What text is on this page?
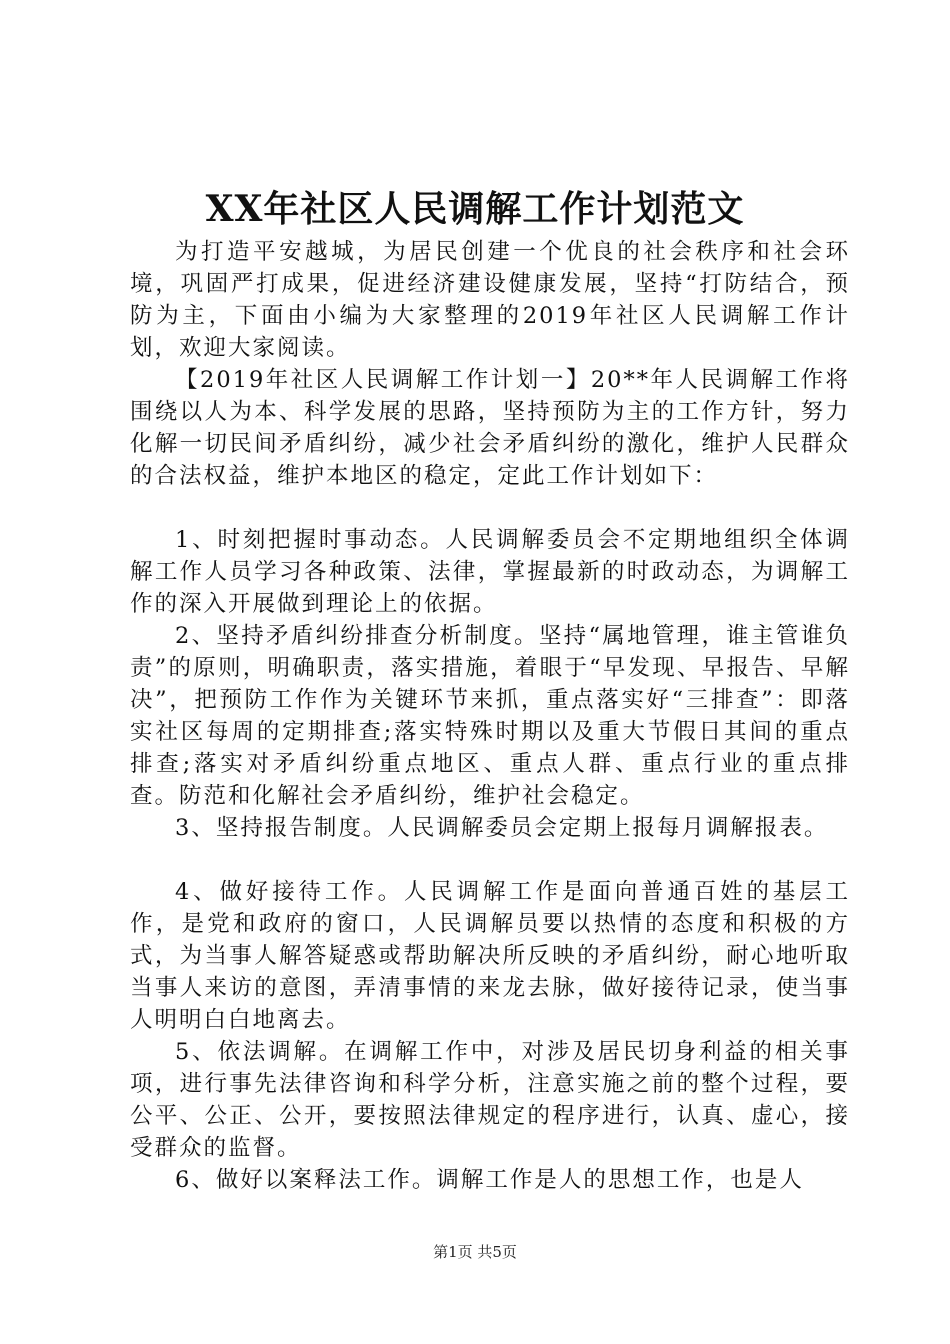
XX年社区人民调解工作计划范文

为打造平安越城，为居民创建一个优良的社会秩序和社会环境，巩固严打成果，促进经济建设健康发展，坚持“打防结合，预防为主，下面由小编为大家整理的2019年社区人民调解工作计划，欢迎大家阅读。

【2019年社区人民调解工作计划一】20**年人民调解工作将围绕以人为本、科学发展的思路，坚持预防为主的工作方针，努力化解一切民间矛盾纠纷，减少社会矛盾纠纷的激化，维护人民群众的合法权益，维护本地区的稳定，定此工作计划如下：

1、时刻把握时事动态。人民调解委员会不定期地组织全体调解工作人员学习各种政策、法律，掌握最新的时政动态，为调解工作的深入开展做到理论上的依据。

2、坚持矛盾纠纷排查分析制度。坚持“属地管理，谁主管谁负责”的原则，明确职责，落实措施，着眼于“早发现、早报告、早解决”，把预防工作作为关键环节来抓，重点落实好“三排查”：即落实社区每周的定期排查;落实特殊时期以及重大节假日其间的重点排查;落实对矛盾纠纷重点地区、重点人群、重点行业的重点排查。防范和化解社会矛盾纠纷，维护社会稳定。

3、坚持报告制度。人民调解委员会定期上报每月调解报表。

4、做好接待工作。人民调解工作是面向普通百姓的基层工作，是党和政府的窗口，人民调解员要以热情的态度和积极的方式，为当事人解答疑惑或帮助解决所反映的矛盾纠纷，耐心地听取当事人来访的意图，弄清事情的来龙去脉，做好接待记录，使当事人明明白白地离去。

5、依法调解。在调解工作中，对涉及居民切身利益的相关事项，进行事先法律咨询和科学分析，注意实施之前的整个过程，要公平、公正、公开，要按照法律规定的程序进行，认真、虚心，接受群众的监督。

6、做好以案释法工作。调解工作是人的思想工作，也是人

第1页 共5页
